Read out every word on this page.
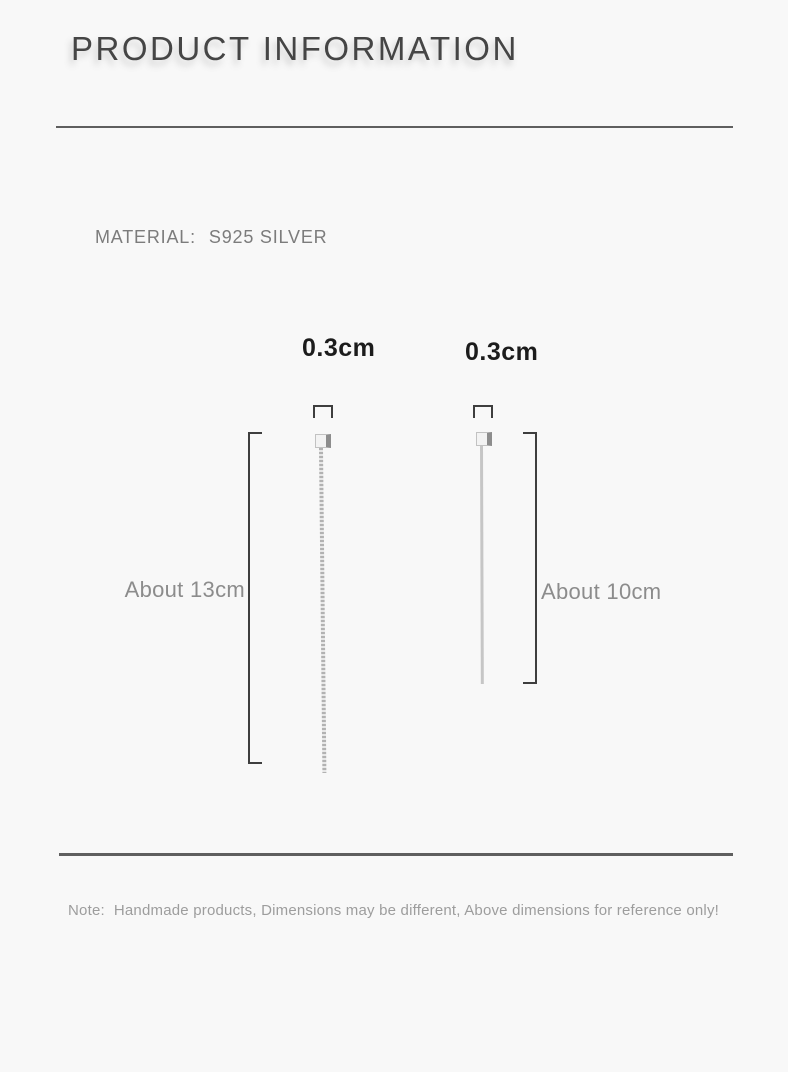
PRODUCT INFORMATION
MATERIAL: S925 SILVER
0.3cm	0.3cm
About 13cm	About 10cm
Note: Handmade products, Dimensions may be different, Above dimensions for reference only!
